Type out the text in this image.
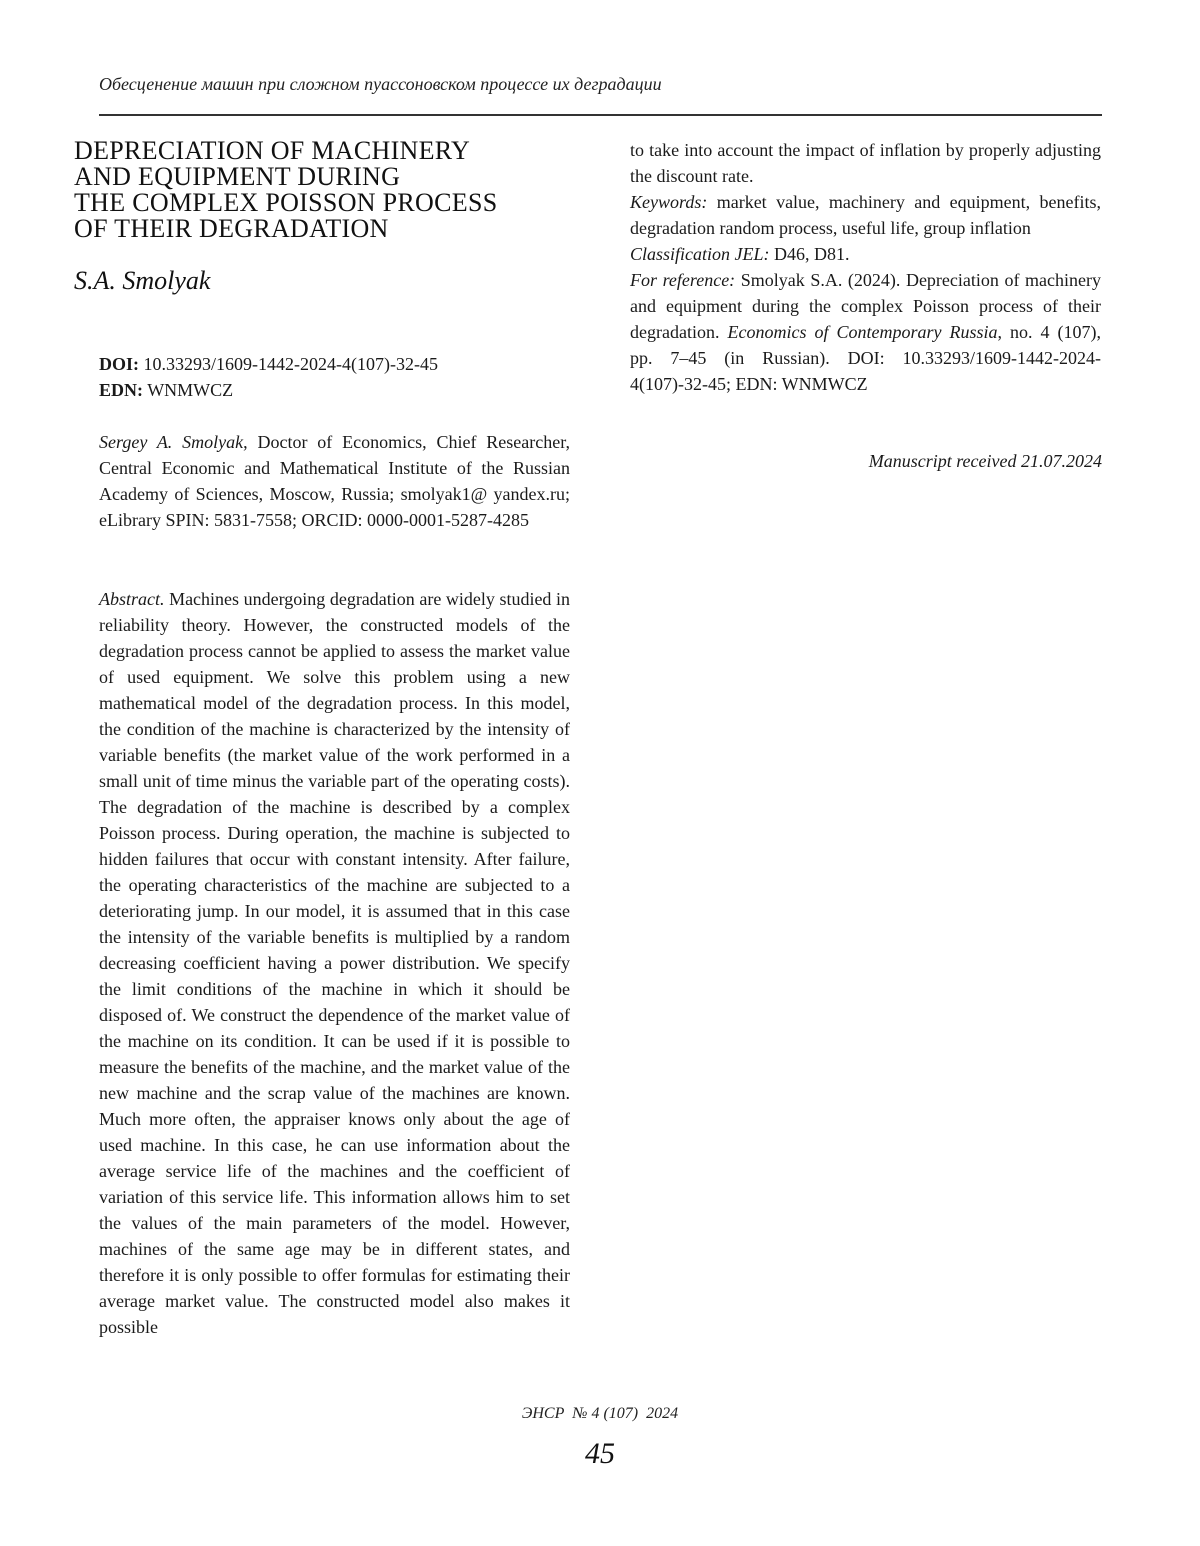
Обесценение машин при сложном пуассоновском процессе их деградации
DEPRECIATION OF MACHINERY
AND EQUIPMENT DURING
THE COMPLEX POISSON PROCESS
OF THEIR DEGRADATION
S.A. Smolyak
DOI: 10.33293/1609-1442-2024-4(107)-32-45
EDN: WNMWCZ
Sergey A. Smolyak, Doctor of Economics, Chief Researcher, Central Economic and Mathematical Institute of the Russian Academy of Sciences, Moscow, Russia; smolyak1@ yandex.ru; eLibrary SPIN: 5831-7558; ORCID: 0000-0001-5287-4285
Abstract. Machines undergoing degradation are widely studied in reliability theory. However, the constructed models of the degradation process cannot be applied to assess the market value of used equipment. We solve this problem using a new mathematical model of the degradation process. In this model, the condition of the machine is characterized by the intensity of variable benefits (the market value of the work performed in a small unit of time minus the variable part of the operating costs). The degradation of the machine is described by a complex Poisson process. During operation, the machine is subjected to hidden failures that occur with constant intensity. After failure, the operating characteristics of the machine are subjected to a deteriorating jump. In our model, it is assumed that in this case the intensity of the variable benefits is multiplied by a random decreasing coefficient having a power distribution. We specify the limit conditions of the machine in which it should be disposed of. We construct the dependence of the market value of the machine on its condition. It can be used if it is possible to measure the benefits of the machine, and the market value of the new machine and the scrap value of the machines are known. Much more often, the appraiser knows only about the age of used machine. In this case, he can use information about the average service life of the machines and the coefficient of variation of this service life. This information allows him to set the values of the main parameters of the model. However, machines of the same age may be in different states, and therefore it is only possible to offer formulas for estimating their average market value. The constructed model also makes it possible

to take into account the impact of inflation by properly adjusting the discount rate.

Keywords: market value, machinery and equipment, benefits, degradation random process, useful life, group inflation

Classification JEL: D46, D81.

For reference: Smolyak S.A. (2024). Depreciation of machinery and equipment during the complex Poisson process of their degradation. Economics of Contemporary Russia, no. 4 (107), pp. 7–45 (in Russian). DOI: 10.33293/1609-1442-2024-4(107)-32-45; EDN: WNMWCZ

Manuscript received 21.07.2024
ЭНСР  № 4 (107)  2024
45
